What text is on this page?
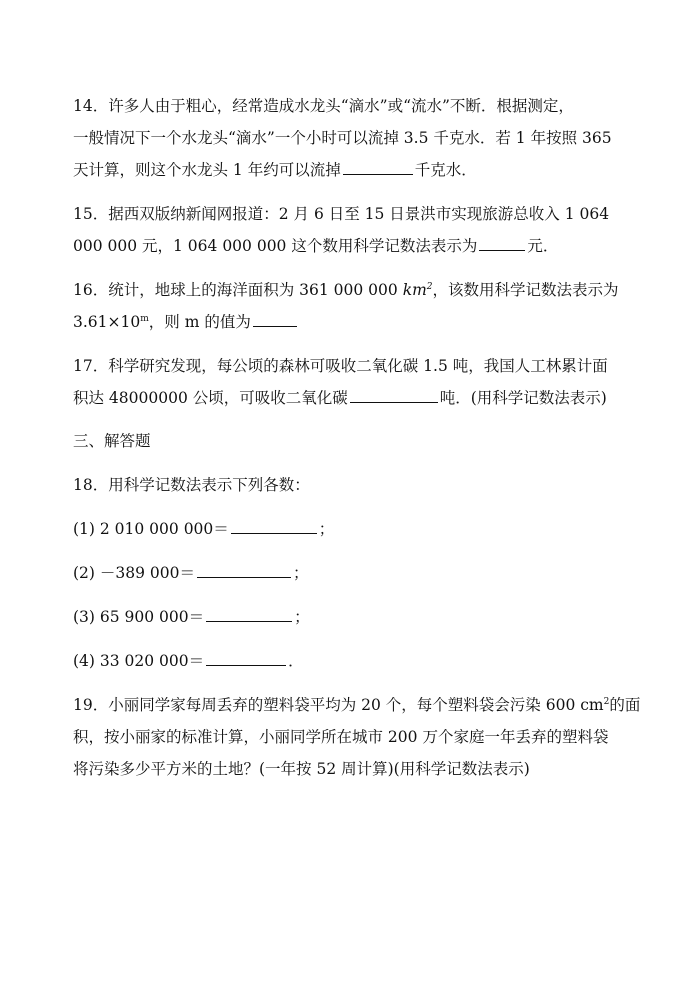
14．许多人由于粗心，经常造成水龙头“滴水”或“流水”不断．根据测定，
一般情况下一个水龙头“滴水”一个小时可以流掉 3.5 千克水．若 1 年按照 365
天计算，则这个水龙头 1 年约可以流掉	千克水．
15．据西双版纳新闻网报道：2 月 6 日至 15 日景洪市实现旅游总收入 1 064
000 000 元，1 064 000 000 这个数用科学记数法表示为	元．
16．统计，地球上的海洋面积为 361 000 000 $km^2$，该数用科学记数法表示为
$3.61\times 10^m$，则 m 的值为
17．科学研究发现，每公顷的森林可吸收二氧化碳 1.5 吨，我国人工林累计面
积达 48000000 公顷，可吸收二氧化碳	吨．(用科学记数法表示)
三、解答题
18．用科学记数法表示下列各数：
(1) 2 010 000 000＝	；
(2) －389 000＝	；
(3) 65 900 000＝	；
(4) 33 020 000＝	．
19．小丽同学家每周丢弃的塑料袋平均为 20 个，每个塑料袋会污染 600 $cm^2$的面
积，按小丽家的标准计算，小丽同学所在城市 200 万个家庭一年丢弃的塑料袋
将污染多少平方米的土地？(一年按 52 周计算)(用科学记数法表示)
